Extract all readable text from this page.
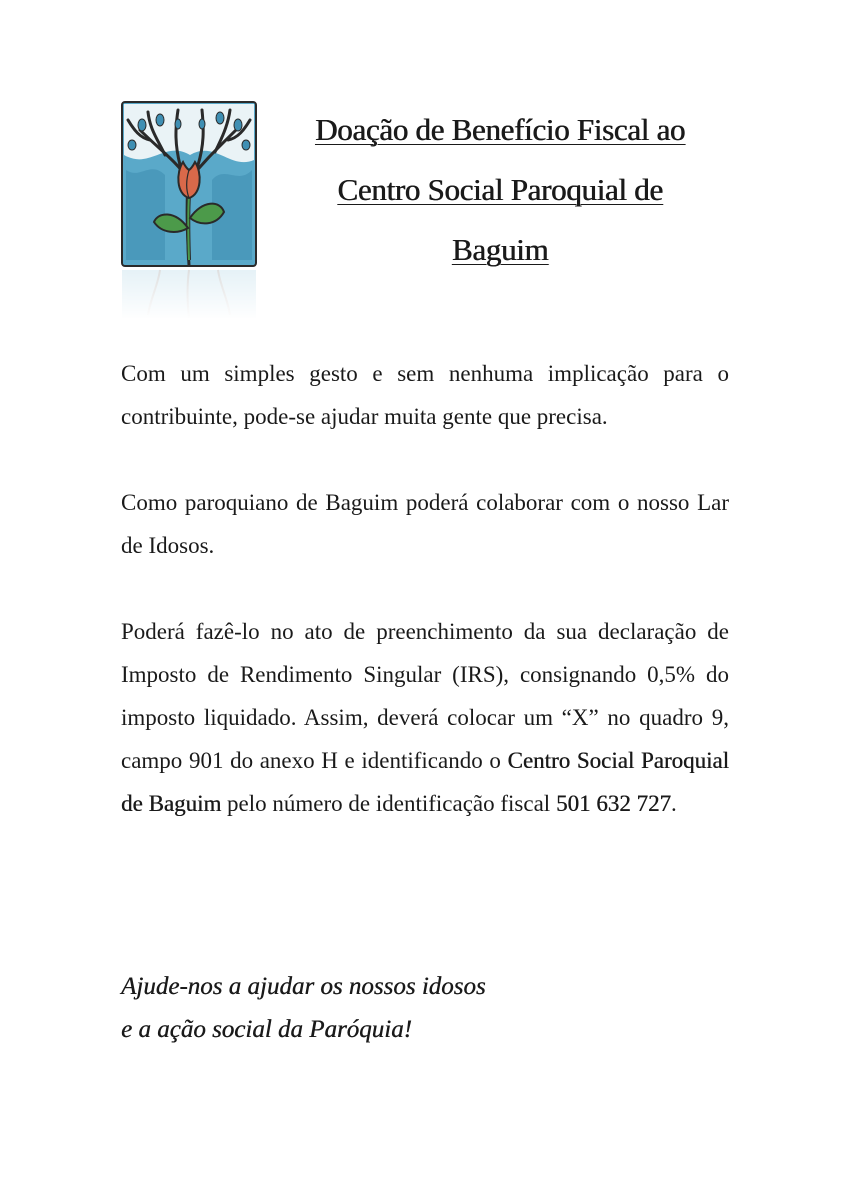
Doação de Benefício Fiscal ao
Centro Social Paroquial de
Baguim

Com um simples gesto e sem nenhuma implicação para o contribuinte, pode-se ajudar muita gente que precisa.

Como paroquiano de Baguim poderá colaborar com o nosso Lar de Idosos.

Poderá fazê-lo no ato de preenchimento da sua declaração de Imposto de Rendimento Singular (IRS), consignando 0,5% do imposto liquidado. Assim, deverá colocar um “X” no quadro 9, campo 901 do anexo H e identificando o Centro Social Paroquial de Baguim pelo número de identificação fiscal 501 632 727.

Ajude-nos a ajudar os nossos idosos
e a ação social da Paróquia!
